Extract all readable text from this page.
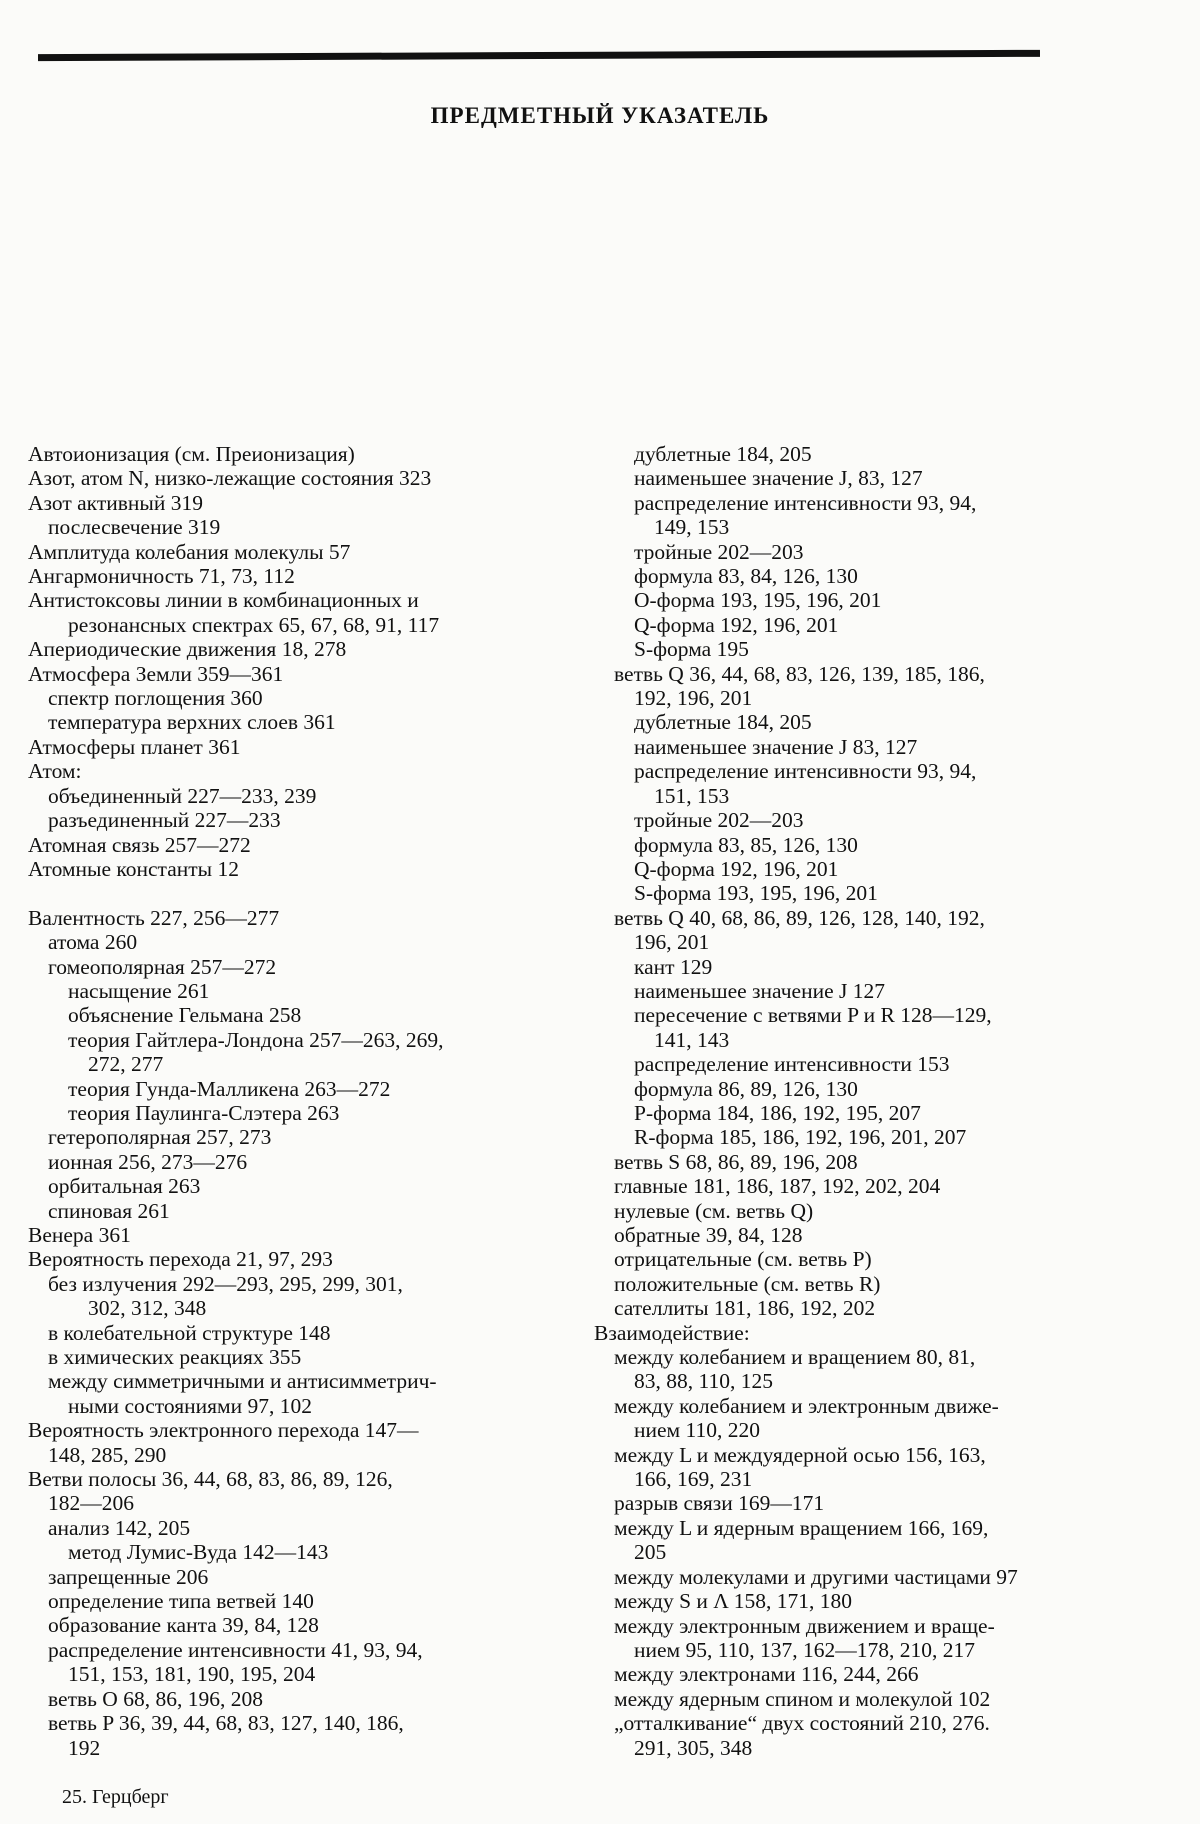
ПРЕДМЕТНЫЙ УКАЗАТЕЛЬ
Автоионизация (см. Преионизация)
Азот, атом N, низко-лежащие состояния 323
Азот активный 319
послесвечение 319
Амплитуда колебания молекулы 57
Ангармоничность 71, 73, 112
Антистоксовы линии в комбинационных и
резонансных спектрах 65, 67, 68, 91, 117
Апериодические движения 18, 278
Атмосфера Земли 359—361
спектр поглощения 360
температура верхних слоев 361
Атмосферы планет 361
Атом:
объединенный 227—233, 239
разъединенный 227—233
Атомная связь 257—272
Атомные константы 12
Валентность 227, 256—277
атома 260
гомеополярная 257—272
насыщение 261
объяснение Гельмана 258
теория Гайтлера-Лондона 257—263, 269,
272, 277
теория Гунда-Малликена 263—272
теория Паулинга-Слэтера 263
гетерополярная 257, 273
ионная 256, 273—276
орбитальная 263
спиновая 261
Венера 361
Вероятность перехода 21, 97, 293
без излучения 292—293, 295, 299, 301,
302, 312, 348
в колебательной структуре 148
в химических реакциях 355
между симметричными и антисимметрич-
ными состояниями 97, 102
Вероятность электронного перехода 147—
148, 285, 290
Ветви полосы 36, 44, 68, 83, 86, 89, 126,
182—206
анализ 142, 205
метод Лумис-Вуда 142—143
запрещенные 206
определение типа ветвей 140
образование канта 39, 84, 128
распределение интенсивности 41, 93, 94,
151, 153, 181, 190, 195, 204
ветвь O 68, 86, 196, 208
ветвь P 36, 39, 44, 68, 83, 127, 140, 186,
192
дублетные 184, 205
наименьшее значение J, 83, 127
распределение интенсивности 93, 94,
149, 153
тройные 202—203
формула 83, 84, 126, 130
O-форма 193, 195, 196, 201
Q-форма 192, 196, 201
S-форма 195
ветвь Q 36, 44, 68, 83, 126, 139, 185, 186,
192, 196, 201
дублетные 184, 205
наименьшее значение J 83, 127
распределение интенсивности 93, 94,
151, 153
тройные 202—203
формула 83, 85, 126, 130
Q-форма 192, 196, 201
S-форма 193, 195, 196, 201
ветвь Q 40, 68, 86, 89, 126, 128, 140, 192,
196, 201
кант 129
наименьшее значение J 127
пересечение с ветвями P и R 128—129,
141, 143
распределение интенсивности 153
формула 86, 89, 126, 130
P-форма 184, 186, 192, 195, 207
R-форма 185, 186, 192, 196, 201, 207
ветвь S 68, 86, 89, 196, 208
главные 181, 186, 187, 192, 202, 204
нулевые (см. ветвь Q)
обратные 39, 84, 128
отрицательные (см. ветвь P)
положительные (см. ветвь R)
сателлиты 181, 186, 192, 202
Взаимодействие:
между колебанием и вращением 80, 81,
83, 88, 110, 125
между колебанием и электронным движе-
нием 110, 220
между L и междуядерной осью 156, 163,
166, 169, 231
разрыв связи 169—171
между L и ядерным вращением 166, 169,
205
между молекулами и другими частицами 97
между S и Λ 158, 171, 180
между электронным движением и враще-
нием 95, 110, 137, 162—178, 210, 217
между электронами 116, 244, 266
между ядерным спином и молекулой 102
„отталкивание“ двух состояний 210, 276.
291, 305, 348
25. Герцберг
